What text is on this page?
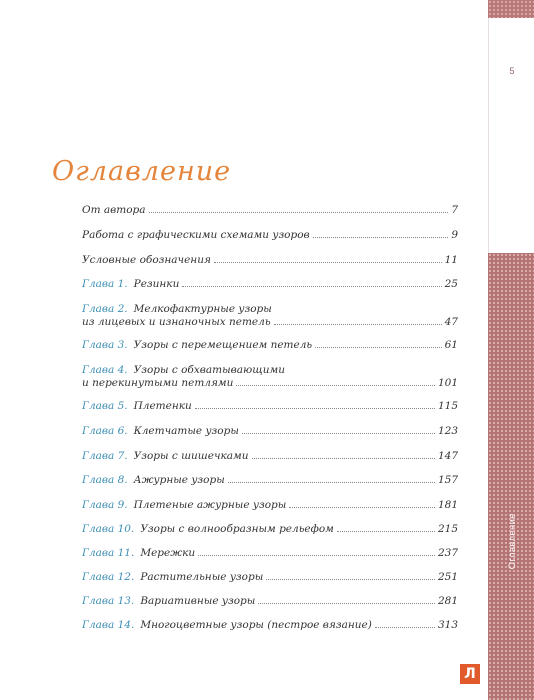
5
Оглавление
Оглавление
От автора	7
Работа с графическими схемами узоров	9
Условные обозначения	11
Глава 1. Резинки	25
Глава 2. Мелкофактурные узоры
из лицевых и изнаночных петель	47
Глава 3. Узоры с перемещением петель	61
Глава 4. Узоры с обхватывающими
и перекинутыми петлями	101
Глава 5. Плетенки	115
Глава 6. Клетчатые узоры	123
Глава 7. Узоры с шишечками	147
Глава 8. Ажурные узоры	157
Глава 9. Плетеные ажурные узоры	181
Глава 10. Узоры с волнообразным рельефом	215
Глава 11. Мережки	237
Глава 12. Растительные узоры	251
Глава 13. Вариативные узоры	281
Глава 14. Многоцветные узоры (пестрое вязание)	313
Л
